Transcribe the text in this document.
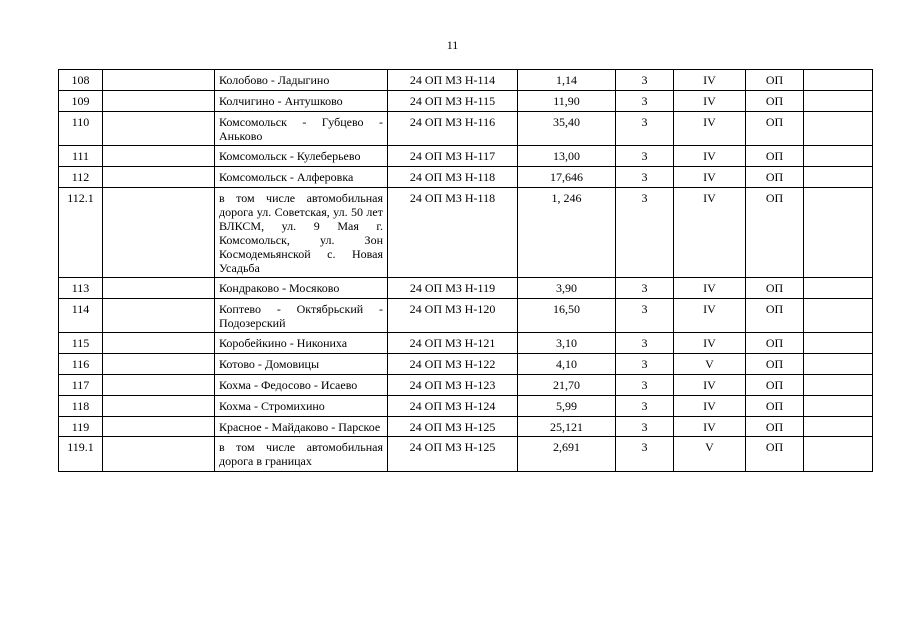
11
108		Колобово - Ладыгино	24 ОП МЗ Н-114	1,14	3	IV	ОП	
109		Колчигино - Антушково	24 ОП МЗ Н-115	11,90	3	IV	ОП	
110		Комсомольск - Губцево - Аньково	24 ОП МЗ Н-116	35,40	3	IV	ОП	
111		Комсомольск - Кулеберьево	24 ОП МЗ Н-117	13,00	3	IV	ОП	
112		Комсомольск - Алферовка	24 ОП МЗ Н-118	17,646	3	IV	ОП	
112.1		в том числе автомобильная дорога ул. Советская, ул. 50 лет ВЛКСМ, ул. 9 Мая г. Комсомольск, ул. Зон Космодемьянской с. Новая Усадьба	24 ОП МЗ Н-118	1, 246	3	IV	ОП	
113		Кондраково - Мосяково	24 ОП МЗ Н-119	3,90	3	IV	ОП	
114		Коптево - Октябрьский - Подозерский	24 ОП МЗ Н-120	16,50	3	IV	ОП	
115		Коробейкино - Никониха	24 ОП МЗ Н-121	3,10	3	IV	ОП	
116		Котово - Домовицы	24 ОП МЗ Н-122	4,10	3	V	ОП	
117		Кохма - Федосово - Исаево	24 ОП МЗ Н-123	21,70	3	IV	ОП	
118		Кохма - Стромихино	24 ОП МЗ Н-124	5,99	3	IV	ОП	
119		Красное - Майдаково - Парское	24 ОП МЗ Н-125	25,121	3	IV	ОП	
119.1		в том числе автомобильная дорога в границах	24 ОП МЗ Н-125	2,691	3	V	ОП	
